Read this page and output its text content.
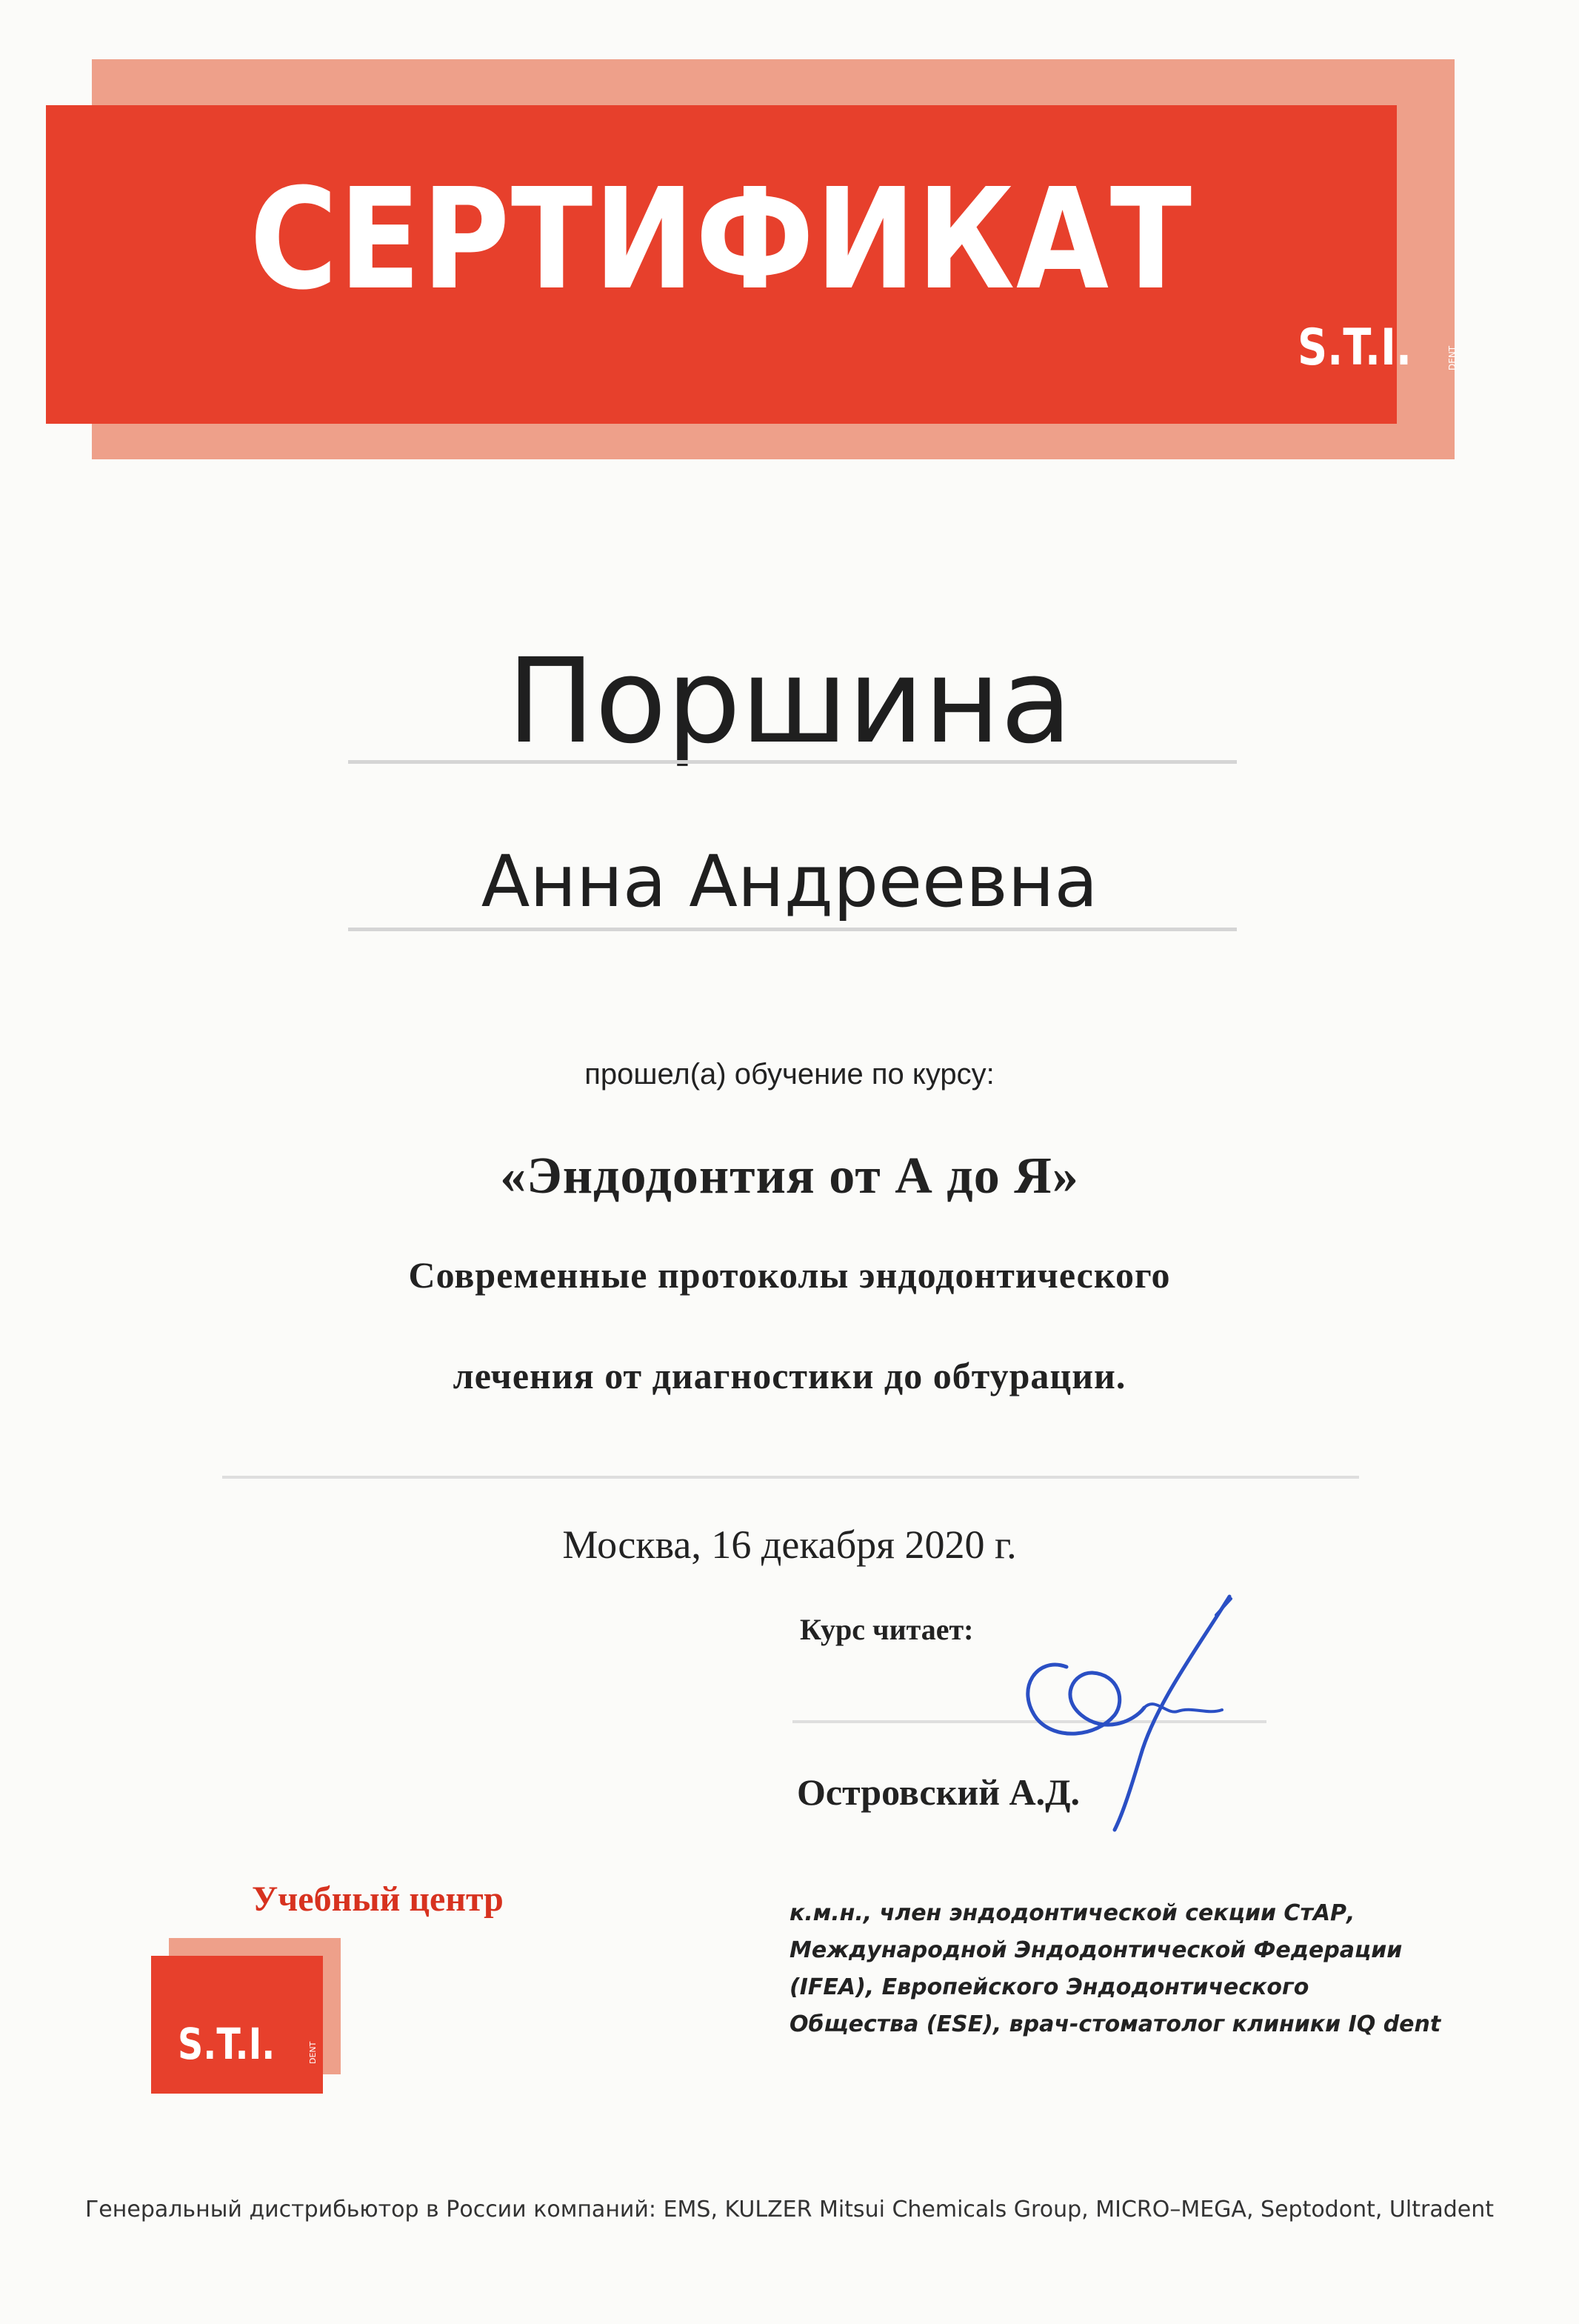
СЕРТИФИКАТ
S.T.I.	DENT
Поршина
Анна Андреевна
прошел(а) обучение по курсу:
«Эндодонтия от А до Я»
Современные протоколы эндодонтического
лечения от диагностики до обтурации.
Москва, 16 декабря 2020 г.
Курс читает:
Островский А.Д.
Учебный центр
S.T.I.	DENT
к.м.н., член эндодонтической секции СтАР,
Международной Эндодонтической Федерации
(IFEA), Европейского Эндодонтического
Общества (ESE), врач-стоматолог клиники IQ dent
Генеральный дистрибьютор в России компаний: EMS, KULZER Mitsui Chemicals Group, MICRO–MEGA, Septodont, Ultradent
